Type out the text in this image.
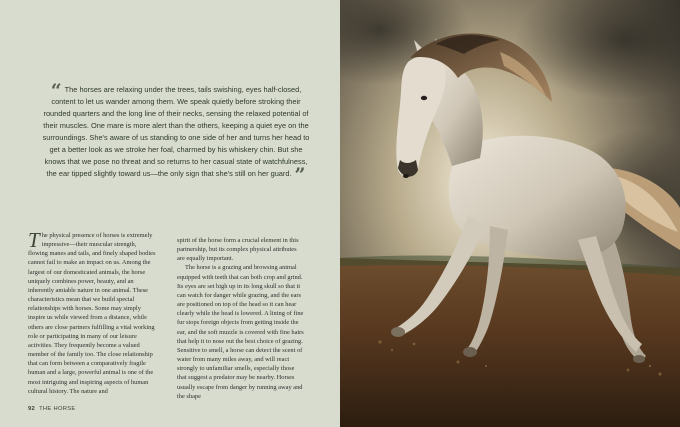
“ The horses are relaxing under the trees, tails swishing, eyes half-closed, content to let us wander among them. We speak quietly before stroking their rounded quarters and the long line of their necks, sensing the relaxed potential of their muscles. One mare is more alert than the others, keeping a quiet eye on the surroundings. She's aware of us standing to one side of her and turns her head to get a better look as we stroke her foal, charmed by his whiskery chin. But she knows that we pose no threat and so returns to her casual state of watchfulness, the ear tipped slightly toward us—the only sign that she's still on her guard. ”

The physical presence of horses is extremely impressive—their muscular strength, flowing manes and tails, and finely shaped bodies cannot fail to make an impact on us. Among the largest of our domesticated animals, the horse uniquely combines power, beauty, and an inherently amiable nature in one animal. These characteristics mean that we build special relationships with horses. Some may simply inspire us while viewed from a distance, while others are close partners fulfilling a vital working role or participating in many of our leisure activities. They frequently become a valued member of the family too. The close relationship that can form between a comparatively fragile human and a large, powerful animal is one of the most intriguing and inspiring aspects of human cultural history. The nature and

spirit of the horse form a crucial element in this partnership, but its complex physical attributes are equally important.
The horse is a grazing and browsing animal equipped with teeth that can both crop and grind. Its eyes are set high up in its long skull so that it can watch for danger while grazing, and the ears are positioned on top of the head so it can hear clearly while the head is lowered. A lining of fine fur stops foreign objects from getting inside the ear, and the soft muzzle is covered with fine hairs that help it to nose out the best choice of grazing. Sensitive to smell, a horse can detect the scent of water from many miles away, and will react strongly to unfamiliar smells, especially those that suggest a predator may be nearby. Horses usually escape from danger by running away and the shape

92 THE HORSE
